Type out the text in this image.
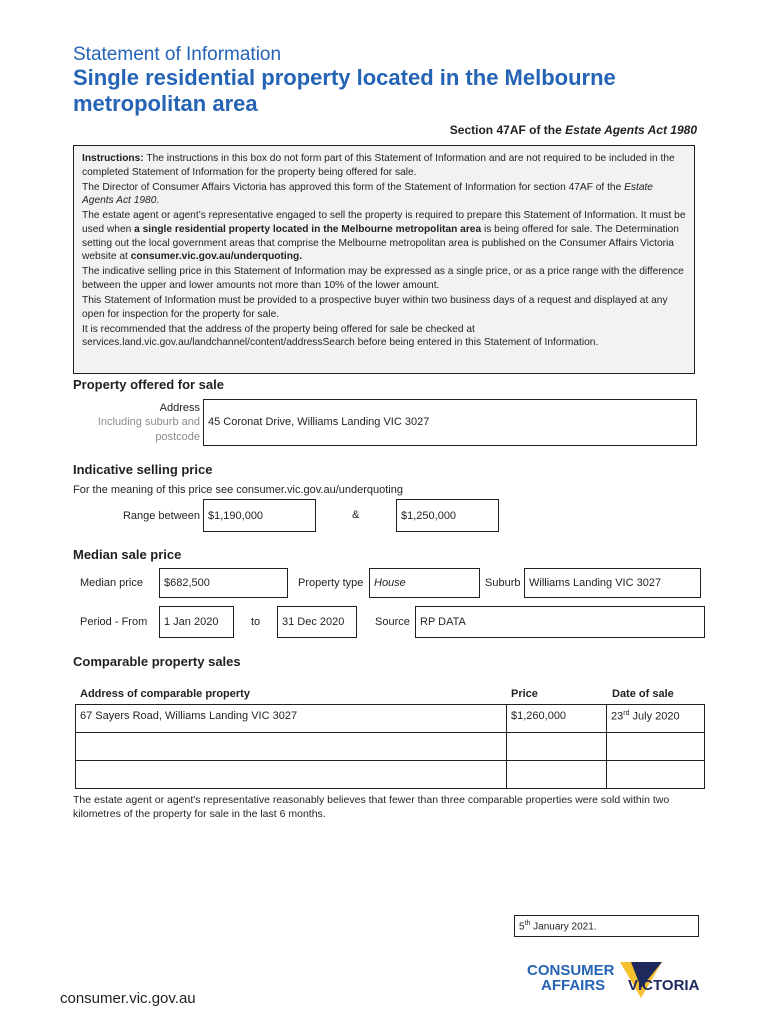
Statement of Information
Single residential property located in the Melbourne metropolitan area
Section 47AF of the Estate Agents Act 1980

Instructions: The instructions in this box do not form part of this Statement of Information and are not required to be included in the completed Statement of Information for the property being offered for sale.

The Director of Consumer Affairs Victoria has approved this form of the Statement of Information for section 47AF of the Estate Agents Act 1980.

The estate agent or agent’s representative engaged to sell the property is required to prepare this Statement of Information. It must be used when a single residential property located in the Melbourne metropolitan area is being offered for sale. The Determination setting out the local government areas that comprise the Melbourne metropolitan area is published on the Consumer Affairs Victoria website at consumer.vic.gov.au/underquoting.

The indicative selling price in this Statement of Information may be expressed as a single price, or as a price range with the difference between the upper and lower amounts not more than 10% of the lower amount.

This Statement of Information must be provided to a prospective buyer within two business days of a request and displayed at any open for inspection for the property for sale.

It is recommended that the address of the property being offered for sale be checked at services.land.vic.gov.au/landchannel/content/addressSearch before being entered in this Statement of Information.

Property offered for sale
Address
Including suburb and
postcode
45 Coronat Drive, Williams Landing VIC 3027
Indicative selling price
For the meaning of this price see consumer.vic.gov.au/underquoting
Range between $1,190,000	&	$1,250,000
Median sale price
Median price	$682,500	Property type House	Suburb Williams Landing VIC 3027
Period - From	1 Jan 2020	to	31 Dec 2020	Source RP DATA
Comparable property sales
Address of comparable property	Price	Date of sale
67 Sayers Road, Williams Landing VIC 3027	$1,260,000	23rd July 2020
The estate agent or agent's representative reasonably believes that fewer than three comparable properties were sold within two kilometres of the property for sale in the last 6 months.
5th January 2021.
consumer.vic.gov.au
CONSUMER
AFFAIRS VICTORIA
